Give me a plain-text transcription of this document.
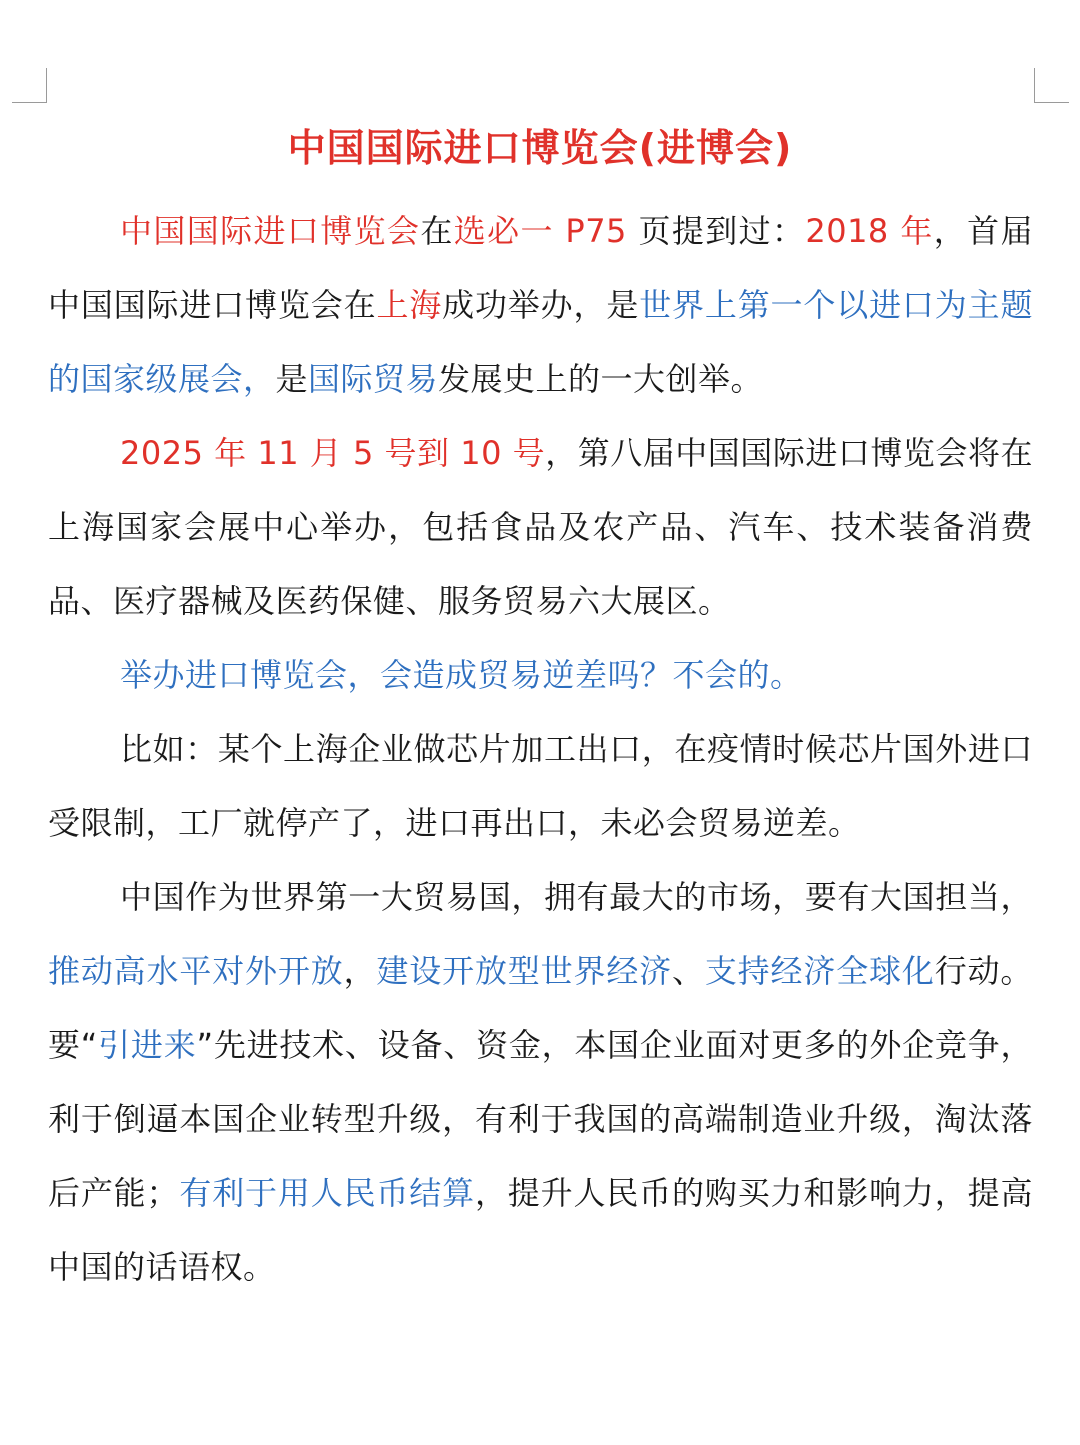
中国国际进口博览会(进博会)

中国国际进口博览会在选必一 P75 页提到过：2018 年，首届中国国际进口博览会在上海成功举办，是世界上第一个以进口为主题的国家级展会，是国际贸易发展史上的一大创举。

2025 年 11 月 5 号到 10 号，第八届中国国际进口博览会将在上海国家会展中心举办，包括食品及农产品、汽车、技术装备消费品、医疗器械及医药保健、服务贸易六大展区。

举办进口博览会，会造成贸易逆差吗？不会的。

比如：某个上海企业做芯片加工出口，在疫情时候芯片国外进口受限制，工厂就停产了，进口再出口，未必会贸易逆差。

中国作为世界第一大贸易国，拥有最大的市场，要有大国担当，推动高水平对外开放，建设开放型世界经济、支持经济全球化行动。要“引进来”先进技术、设备、资金，本国企业面对更多的外企竞争，利于倒逼本国企业转型升级，有利于我国的高端制造业升级，淘汰落后产能；有利于用人民币结算，提升人民币的购买力和影响力，提高中国的话语权。
